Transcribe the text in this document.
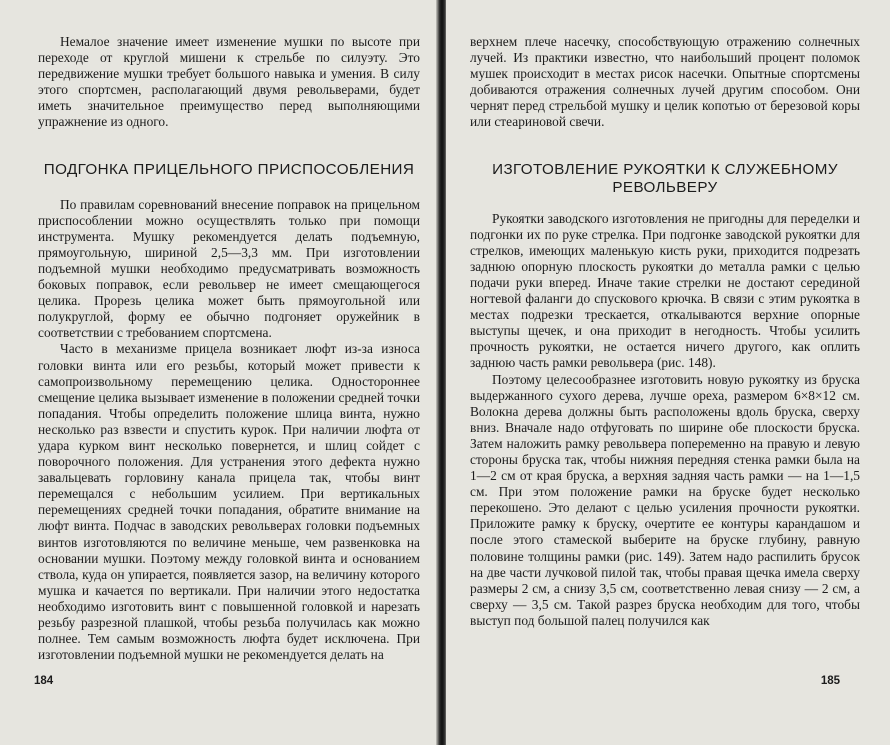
Немалое значение имеет изменение мушки по высоте при переходе от круглой мишени к стрельбе по силуэту. Это передвижение мушки требует большого навыка и умения. В силу этого спортсмен, располагающий двумя револьверами, будет иметь значительное преимущество перед выполняющими упражнение из одного.

ПОДГОНКА ПРИЦЕЛЬНОГО ПРИСПОСОБЛЕНИЯ

По правилам соревнований внесение поправок на прицельном приспособлении можно осуществлять только при помощи инструмента. Мушку рекомендуется делать подъемную, прямоугольную, шириной 2,5—3,3 мм. При изготовлении подъемной мушки необходимо предусматривать возможность боковых поправок, если револьвер не имеет смещающегося целика. Прорезь целика может быть прямоугольной или полукруглой, форму ее обычно подгоняет оружейник в соответствии с требованием спортсмена.

Часто в механизме прицела возникает люфт из-за износа головки винта или его резьбы, который может привести к самопроизвольному перемещению целика. Одностороннее смещение целика вызывает изменение в положении средней точки попадания. Чтобы определить положение шлица винта, нужно несколько раз взвести и спустить курок. При наличии люфта от удара курком винт несколько повернется, и шлиц сойдет с поворочного положения. Для устранения этого дефекта нужно завальцевать горловину канала прицела так, чтобы винт перемещался с небольшим усилием. При вертикальных перемещениях средней точки попадания, обратите внимание на люфт винта. Подчас в заводских револьверах головки подъемных винтов изготовляются по величине меньше, чем развенковка на основании мушки. Поэтому между головкой винта и основанием ствола, куда он упирается, появляется зазор, на величину которого мушка и качается по вертикали. При наличии этого недостатка необходимо изготовить винт с повышенной головкой и нарезать резьбу разрезной плашкой, чтобы резьба получилась как можно полнее. Тем самым возможность люфта будет исключена. При изготовлении подъемной мушки не рекомендуется делать на

184

верхнем плече насечку, способствующую отражению солнечных лучей. Из практики известно, что наибольший процент поломок мушек происходит в местах рисок насечки. Опытные спортсмены добиваются отражения солнечных лучей другим способом. Они чернят перед стрельбой мушку и целик копотью от березовой коры или стеариновой свечи.

ИЗГОТОВЛЕНИЕ РУКОЯТКИ К СЛУЖЕБНОМУ РЕВОЛЬВЕРУ

Рукоятки заводского изготовления не пригодны для переделки и подгонки их по руке стрелка. При подгонке заводской рукоятки для стрелков, имеющих маленькую кисть руки, приходится подрезать заднюю опорную плоскость рукоятки до металла рамки с целью подачи руки вперед. Иначе такие стрелки не достают серединой ногтевой фаланги до спускового крючка. В связи с этим рукоятка в местах подрезки трескается, откалываются верхние опорные выступы щечек, и она приходит в негодность. Чтобы усилить прочность рукоятки, не остается ничего другого, как оплить заднюю часть рамки револьвера (рис. 148).

Поэтому целесообразнее изготовить новую рукоятку из бруска выдержанного сухого дерева, лучше ореха, размером 6×8×12 см. Волокна дерева должны быть расположены вдоль бруска, сверху вниз. Вначале надо отфуговать по ширине обе плоскости бруска. Затем наложить рамку револьвера попеременно на правую и левую стороны бруска так, чтобы нижняя передняя стенка рамки была на 1—2 см от края бруска, а верхняя задняя часть рамки — на 1—1,5 см. При этом положение рамки на бруске будет несколько перекошено. Это делают с целью усиления прочности рукоятки. Приложите рамку к бруску, очертите ее контуры карандашом и после этого стамеской выберите на бруске глубину, равную половине толщины рамки (рис. 149). Затем надо распилить брусок на две части лучковой пилой так, чтобы правая щечка имела сверху размеры 2 см, а снизу 3,5 см, соответственно левая снизу — 2 см, а сверху — 3,5 см. Такой разрез бруска необходим для того, чтобы выступ под большой палец получился как

185
